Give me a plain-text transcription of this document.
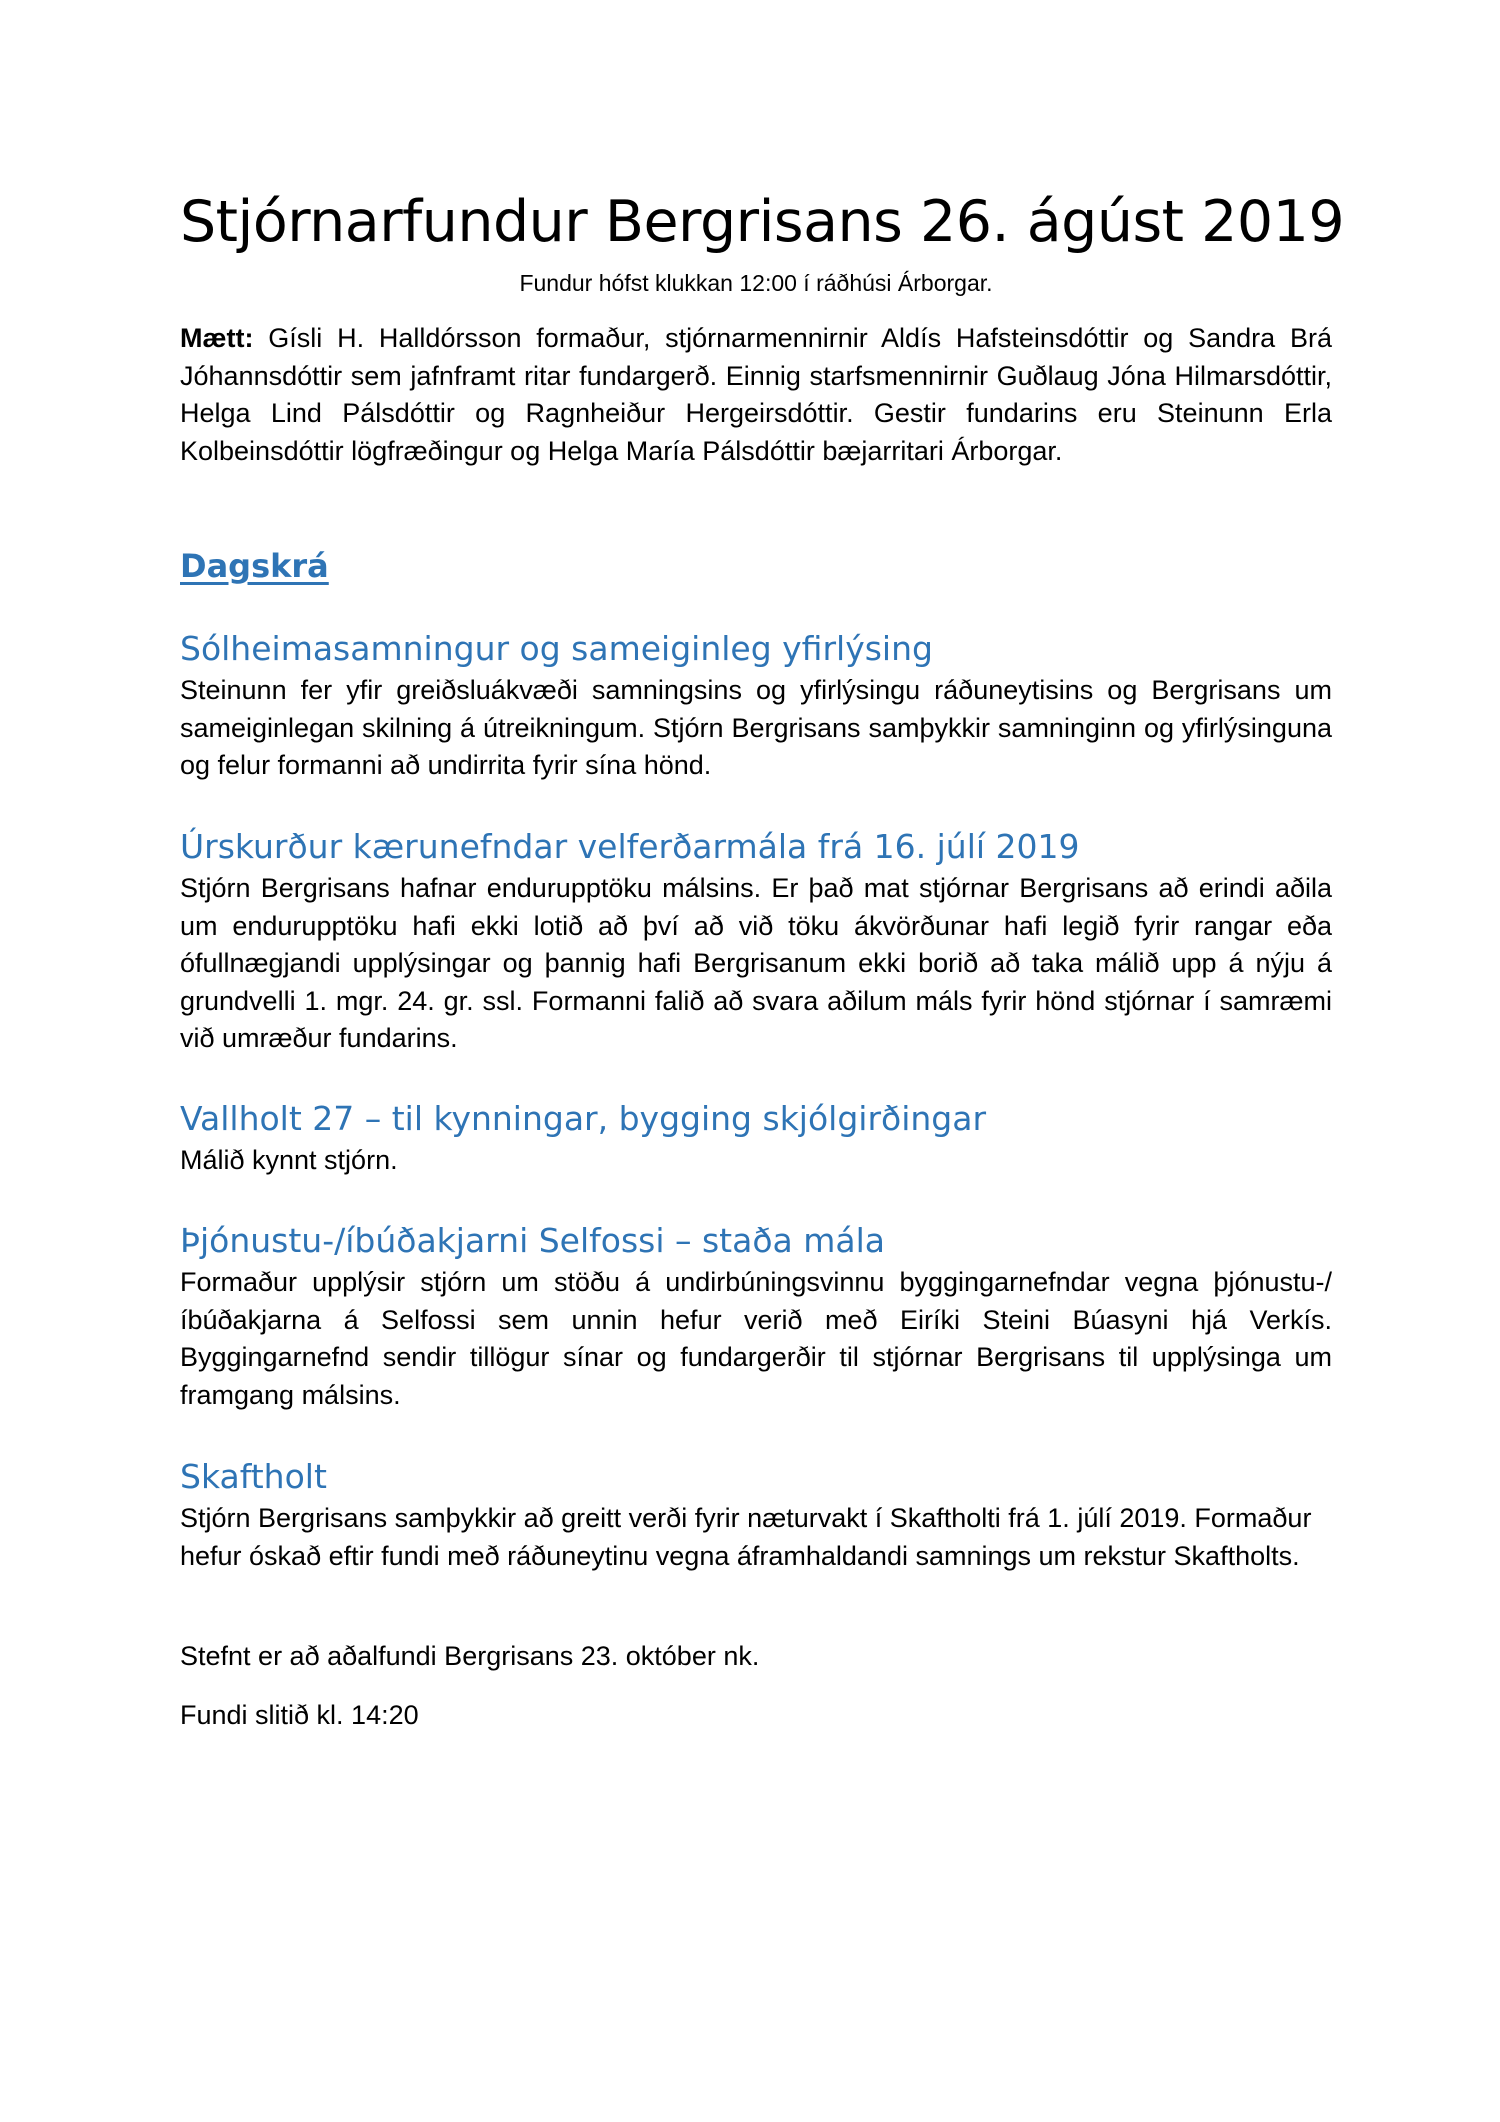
Stjórnarfundur Bergrisans 26. ágúst 2019

Fundur hófst klukkan 12:00 í ráðhúsi Árborgar.

Mætt: Gísli H. Halldórsson formaður, stjórnarmennirnir Aldís Hafsteinsdóttir og Sandra Brá Jóhannsdóttir sem jafnframt ritar fundargerð. Einnig starfsmennirnir Guðlaug Jóna Hilmarsdóttir, Helga Lind Pálsdóttir og Ragnheiður Hergeirsdóttir. Gestir fundarins eru Steinunn Erla Kolbeinsdóttir lögfræðingur og Helga María Pálsdóttir bæjarritari Árborgar.

Dagskrá
Sólheimasamningur og sameiginleg yfirlýsing

Steinunn fer yfir greiðsluákvæði samningsins og yfirlýsingu ráðuneytisins og Bergrisans um sameiginlegan skilning á útreikningum. Stjórn Bergrisans samþykkir samninginn og yfirlýsinguna og felur formanni að undirrita fyrir sína hönd.

Úrskurður kærunefndar velferðarmála frá 16. júlí 2019

Stjórn Bergrisans hafnar endurupptöku málsins. Er það mat stjórnar Bergrisans að erindi aðila um endurupptöku hafi ekki lotið að því að við töku ákvörðunar hafi legið fyrir rangar eða ófullnægjandi upplýsingar og þannig hafi Bergrisanum ekki borið að taka málið upp á nýju á grundvelli 1. mgr. 24. gr. ssl. Formanni falið að svara aðilum máls fyrir hönd stjórnar í samræmi við umræður fundarins.

Vallholt 27 – til kynningar, bygging skjólgirðingar

Málið kynnt stjórn.

Þjónustu-/íbúðakjarni Selfossi – staða mála

Formaður upplýsir stjórn um stöðu á undirbúningsvinnu byggingarnefndar vegna þjónustu-/íbúðakjarna á Selfossi sem unnin hefur verið með Eiríki Steini Búasyni hjá Verkís. Byggingarnefnd sendir tillögur sínar og fundargerðir til stjórnar Bergrisans til upplýsinga um framgang málsins.

Skaftholt

Stjórn Bergrisans samþykkir að greitt verði fyrir næturvakt í Skaftholti frá 1. júlí 2019. Formaður hefur óskað eftir fundi með ráðuneytinu vegna áframhaldandi samnings um rekstur Skaftholts.

Stefnt er að aðalfundi Bergrisans 23. október nk.

Fundi slitið kl. 14:20
